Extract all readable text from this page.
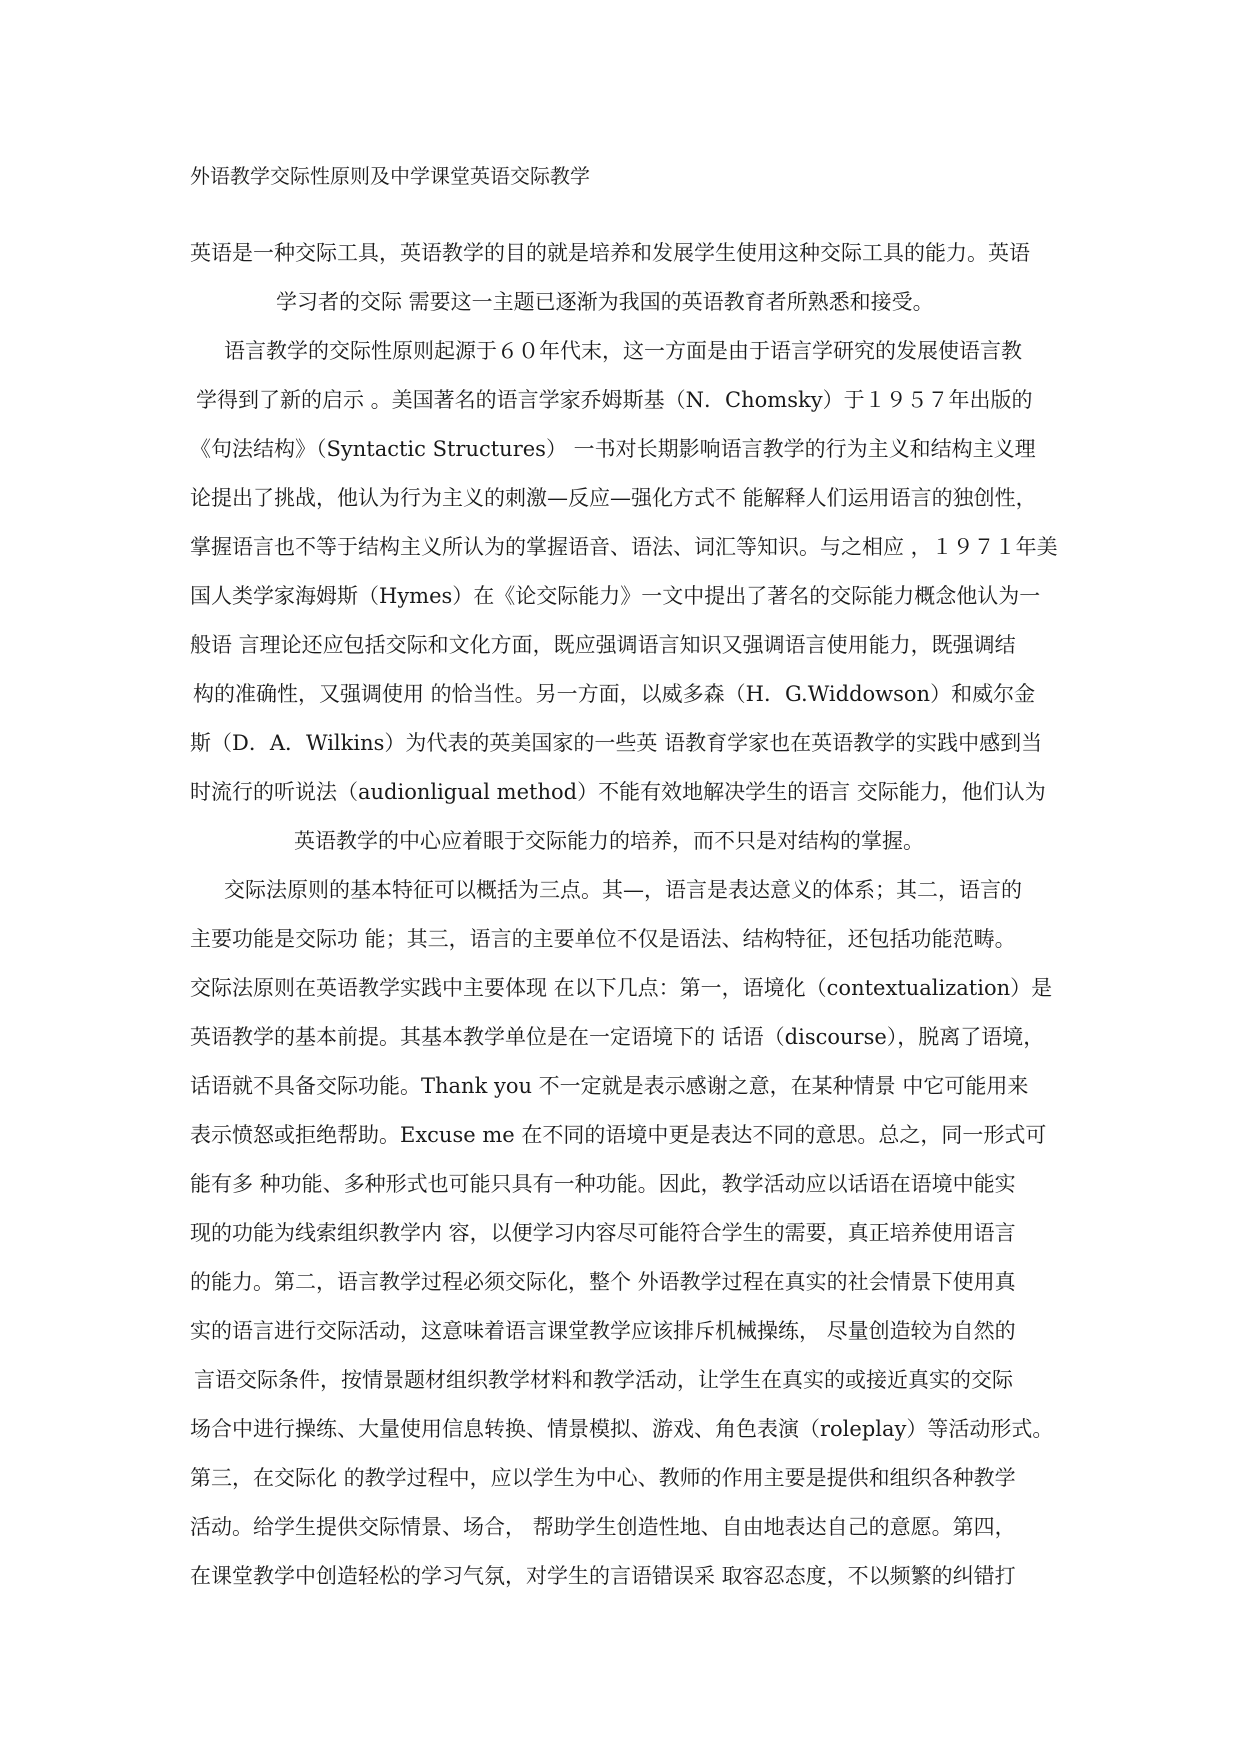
外语教学交际性原则及中学课堂英语交际教学
英语是一种交际工具，英语教学的目的就是培养和发展学生使用这种交际工具的能力。英语
学习者的交际 需要这一主题已逐渐为我国的英语教育者所熟悉和接受。
语言教学的交际性原则起源于６０年代末，这一方面是由于语言学研究的发展使语言教
学得到了新的启示 。美国著名的语言学家乔姆斯基（N．Chomsky）于１９５７年出版的
《句法结构》（Syntactic Structures） 一书对长期影响语言教学的行为主义和结构主义理
论提出了挑战，他认为行为主义的刺激—反应—强化方式不 能解释人们运用语言的独创性，
掌握语言也不等于结构主义所认为的掌握语音、语法、词汇等知识。与之相应 ，１９７１年美
国人类学家海姆斯（Hymes）在《论交际能力》一文中提出了著名的交际能力概念他认为一
般语 言理论还应包括交际和文化方面，既应强调语言知识又强调语言使用能力，既强调结
构的准确性，又强调使用 的恰当性。另一方面，以威多森（H．G.Widdowson）和威尔金
斯（D．A．Wilkins）为代表的英美国家的一些英 语教育学家也在英语教学的实践中感到当
时流行的听说法（audionligual method）不能有效地解决学生的语言 交际能力，他们认为
英语教学的中心应着眼于交际能力的培养，而不只是对结构的掌握。
交际法原则的基本特征可以概括为三点。其—，语言是表达意义的体系；其二，语言的
主要功能是交际功 能；其三，语言的主要单位不仅是语法、结构特征，还包括功能范畴。
交际法原则在英语教学实践中主要体现 在以下几点：第一，语境化（contextualization）是
英语教学的基本前提。其基本教学单位是在一定语境下的 话语（discourse），脱离了语境，
话语就不具备交际功能。Thank you 不一定就是表示感谢之意，在某种情景 中它可能用来
表示愤怒或拒绝帮助。Excuse me 在不同的语境中更是表达不同的意思。总之，同一形式可
能有多 种功能、多种形式也可能只具有一种功能。因此，教学活动应以话语在语境中能实
现的功能为线索组织教学内 容，以便学习内容尽可能符合学生的需要，真正培养使用语言
的能力。第二，语言教学过程必须交际化，整个 外语教学过程在真实的社会情景下使用真
实的语言进行交际活动，这意味着语言课堂教学应该排斥机械操练， 尽量创造较为自然的
言语交际条件，按情景题材组织教学材料和教学活动，让学生在真实的或接近真实的交际
场合中进行操练、大量使用信息转换、情景模拟、游戏、角色表演（roleplay）等活动形式。
第三，在交际化 的教学过程中，应以学生为中心、教师的作用主要是提供和组织各种教学
活动。给学生提供交际情景、场合， 帮助学生创造性地、自由地表达自己的意愿。第四，
在课堂教学中创造轻松的学习气氛，对学生的言语错误采 取容忍态度，不以频繁的纠错打
